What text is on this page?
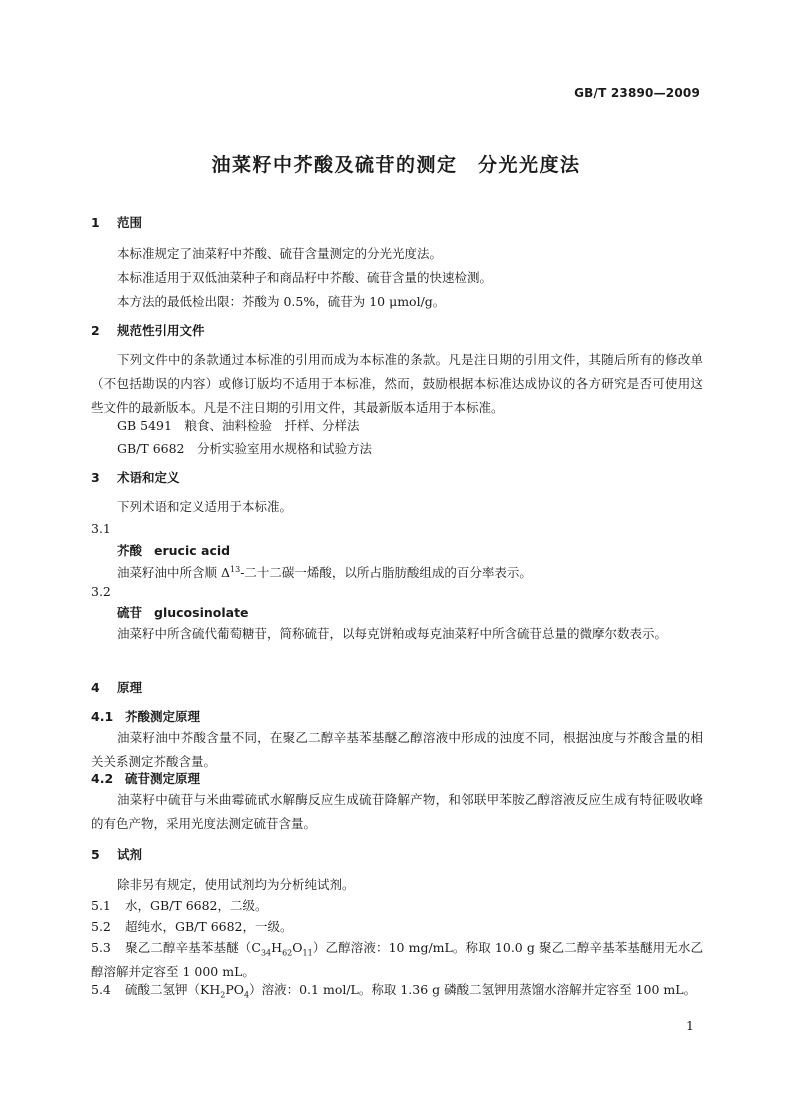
GB/T 23890—2009
油菜籽中芥酸及硫苷的测定　分光光度法
1 范围
本标准规定了油菜籽中芥酸、硫苷含量测定的分光光度法。
本标准适用于双低油菜种子和商品籽中芥酸、硫苷含量的快速检测。
本方法的最低检出限：芥酸为 0.5%，硫苷为 10 μmol/g。
2 规范性引用文件
下列文件中的条款通过本标准的引用而成为本标准的条款。凡是注日期的引用文件，其随后所有的修改单（不包括勘误的内容）或修订版均不适用于本标准，然而，鼓励根据本标准达成协议的各方研究是否可使用这些文件的最新版本。凡是不注日期的引用文件，其最新版本适用于本标准。
GB 5491　粮食、油料检验　扦样、分样法
GB/T 6682　分析实验室用水规格和试验方法
3 术语和定义
下列术语和定义适用于本标准。
3.1
芥酸 erucic acid
油菜籽油中所含顺 $\Delta^{13}-$二十二碳一烯酸，以所占脂肪酸组成的百分率表示。
3.2
硫苷 glucosinolate
油菜籽中所含硫代葡萄糖苷，简称硫苷，以每克饼粕或每克油菜籽中所含硫苷总量的微摩尔数表示。
4 原理
4.1 芥酸测定原理
油菜籽油中芥酸含量不同，在聚乙二醇辛基苯基醚乙醇溶液中形成的浊度不同，根据浊度与芥酸含量的相关关系测定芥酸含量。
4.2 硫苷测定原理
油菜籽中硫苷与米曲霉硫甙水解酶反应生成硫苷降解产物，和邻联甲苯胺乙醇溶液反应生成有特征吸收峰的有色产物，采用光度法测定硫苷含量。
5 试剂
除非另有规定，使用试剂均为分析纯试剂。
5.1 水，GB/T 6682，二级。
5.2 超纯水，GB/T 6682，一级。
5.3 聚乙二醇辛基苯基醚$(C_{34}H_{62}O_{11})$乙醇溶液：10 mg/mL。称取 10.0 g 聚乙二醇辛基苯基醚用无水乙醇溶解并定容至 1 000 mL。
5.4 硫酸二氢钾$(KH_2PO_4)$溶液：0.1 mol/L。称取 1.36 g 磷酸二氢钾用蒸馏水溶解并定容至 100 mL。
1
